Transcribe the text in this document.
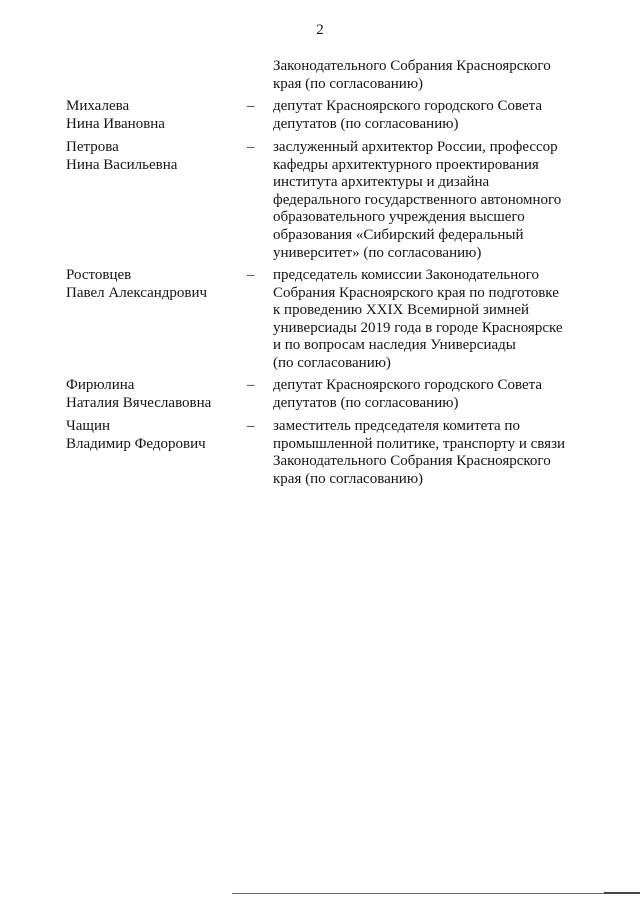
2
Законодательного Собрания Красноярского
края (по согласованию)
Михалева
Нина Ивановна
– депутат Красноярского городского Совета
депутатов (по согласованию)
Петрова
Нина Васильевна
– заслуженный архитектор России, профессор
кафедры архитектурного проектирования
института архитектуры и дизайна
федерального государственного автономного
образовательного учреждения высшего
образования «Сибирский федеральный
университет» (по согласованию)
Ростовцев
Павел Александрович
– председатель комиссии Законодательного
Собрания Красноярского края по подготовке
к проведению XXIX Всемирной зимней
универсиады 2019 года в городе Красноярске
и по вопросам наследия Универсиады
(по согласованию)
Фирюлина
Наталия Вячеславовна
– депутат Красноярского городского Совета
депутатов (по согласованию)
Чащин
Владимир Федорович
– заместитель председателя комитета по
промышленной политике, транспорту и связи
Законодательного Собрания Красноярского
края (по согласованию)
